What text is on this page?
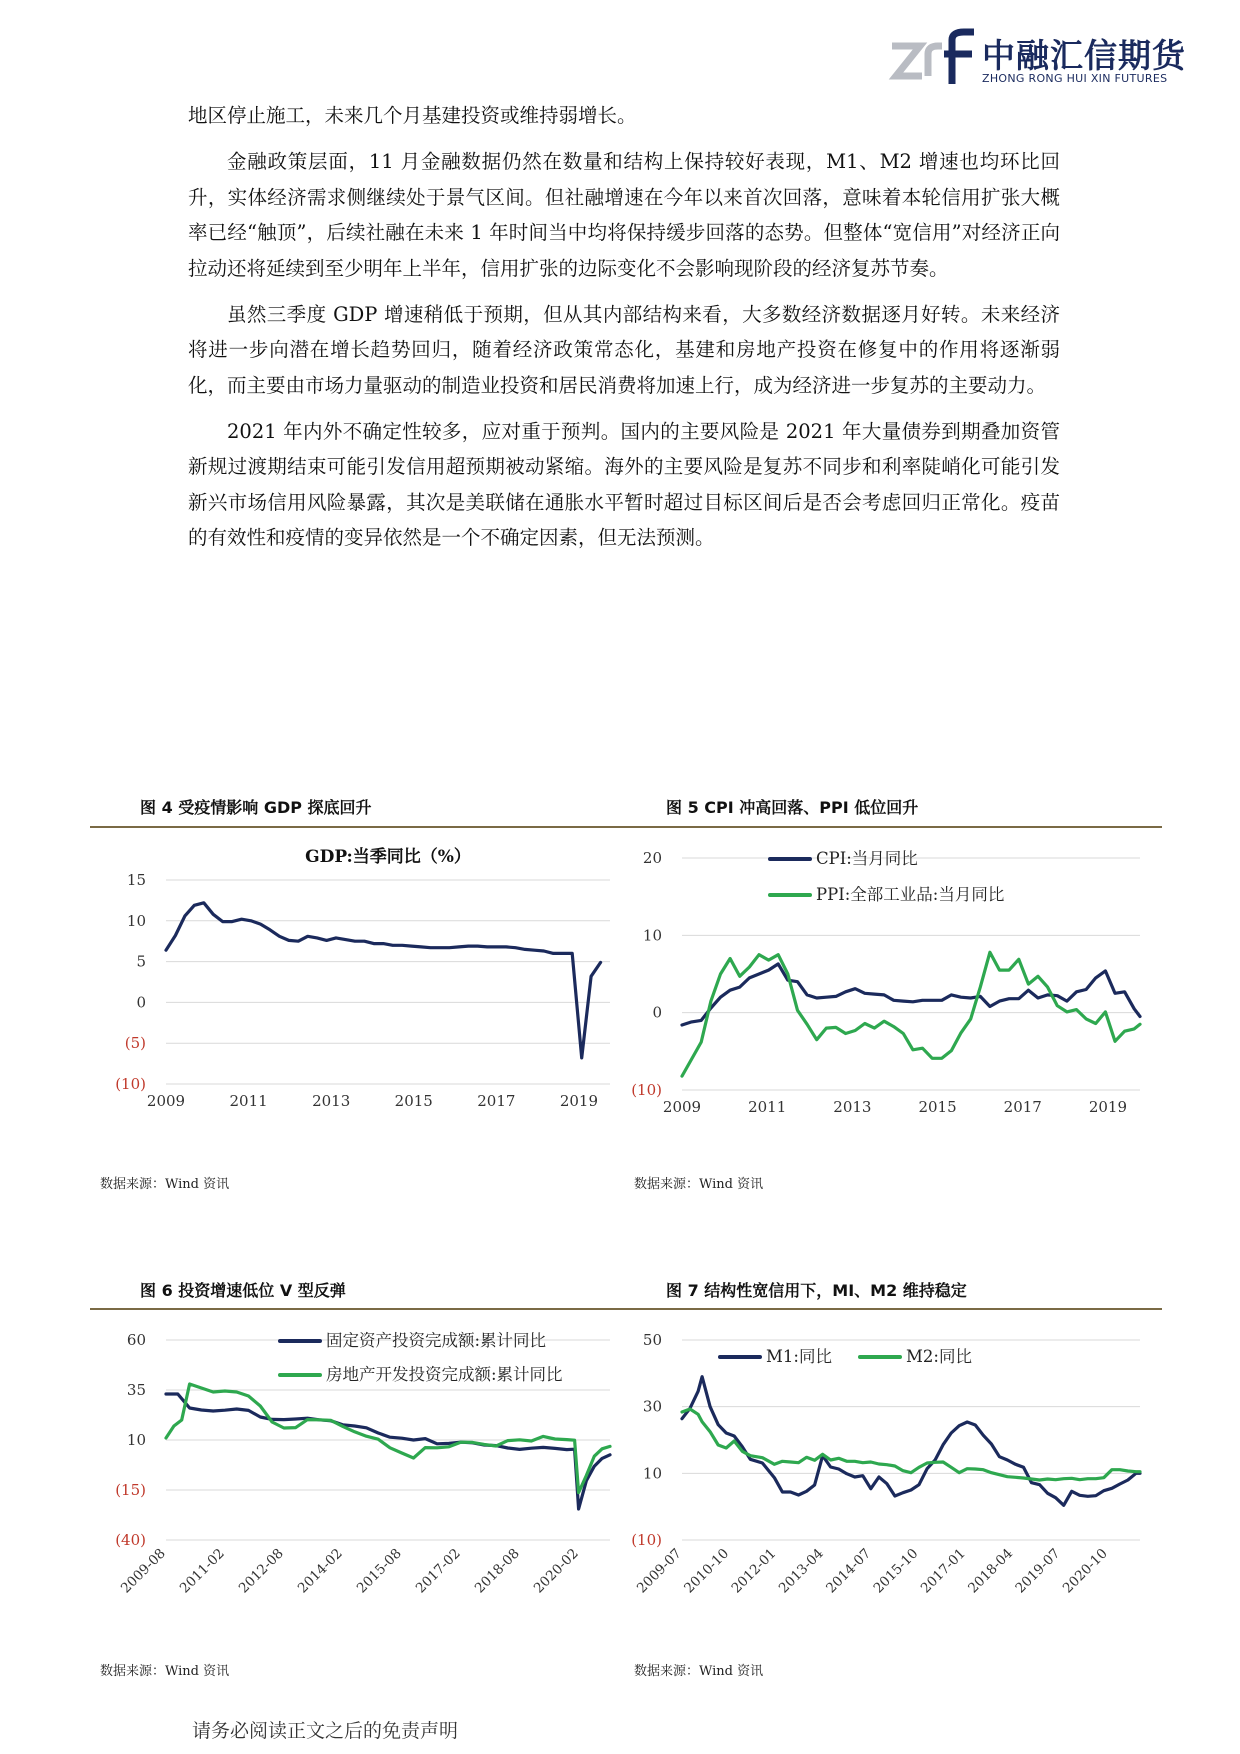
中融汇信期货
ZHONG RONG HUI XIN FUTURES

地区停止施工，未来几个月基建投资或维持弱增长。

金融政策层面，11 月金融数据仍然在数量和结构上保持较好表现，M1、M2 增速也均环比回升，实体经济需求侧继续处于景气区间。但社融增速在今年以来首次回落，意味着本轮信用扩张大概率已经“触顶”，后续社融在未来 1 年时间当中均将保持缓步回落的态势。但整体“宽信用”对经济正向拉动还将延续到至少明年上半年，信用扩张的边际变化不会影响现阶段的经济复苏节奏。

虽然三季度 GDP 增速稍低于预期，但从其内部结构来看，大多数经济数据逐月好转。未来经济将进一步向潜在增长趋势回归，随着经济政策常态化，基建和房地产投资在修复中的作用将逐渐弱化，而主要由市场力量驱动的制造业投资和居民消费将加速上行，成为经济进一步复苏的主要动力。

2021 年内外不确定性较多，应对重于预判。国内的主要风险是 2021 年大量债券到期叠加资管新规过渡期结束可能引发信用超预期被动紧缩。海外的主要风险是复苏不同步和利率陡峭化可能引发新兴市场信用风险暴露，其次是美联储在通胀水平暂时超过目标区间后是否会考虑回归正常化。疫苗的有效性和疫情的变异依然是一个不确定因素，但无法预测。

图 4 受疫情影响 GDP 探底回升	图 5 CPI 冲高回落、PPI 低位回升
15
10
5
0
(5)
(10)
2009	2011	2013	2015	2017	2019
GDP:当季同比（%）	20
10
0
(10)
2009	2011	2013	2015	2017	2019
CPI:当月同比
PPI:全部工业品:当月同比
数据来源：Wind 资讯	数据来源：Wind 资讯
图 6 投资增速低位 V 型反弹	图 7 结构性宽信用下，MI、M2 维持稳定
60
35
10
(15)
(40)
2009-08 2011-02 2012-08 2014-02 2015-08 2017-02 2018-08 2020-02
固定资产投资完成额:累计同比
房地产开发投资完成额:累计同比
50
30
10
(10)
2009-07
2010-10
2012-01
2013-04
2014-07
2015-10
2017-01
2018-04
2019-07
2020-10
M1:同比	M2:同比
数据来源：Wind 资讯	数据来源：Wind 资讯
请务必阅读正文之后的免责声明
